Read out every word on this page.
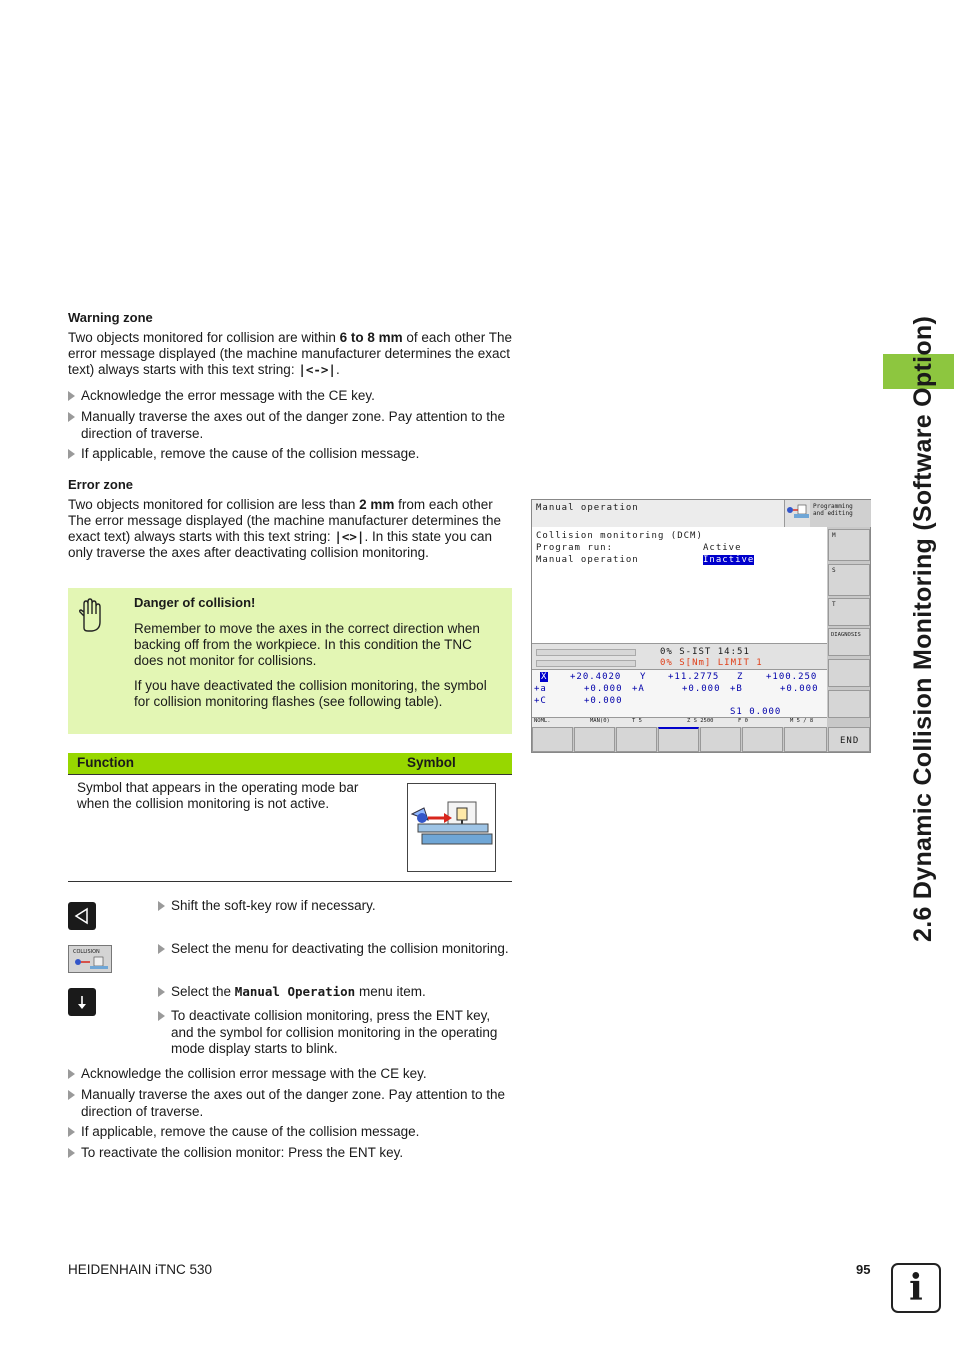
2.6 Dynamic Collision Monitoring (Software Option)
Warning zone
Two objects monitored for collision are within 6 to 8 mm of each other The error message displayed (the machine manufacturer determines the exact text) always starts with this text string: |<->|.
Acknowledge the error message with the CE key.
Manually traverse the axes out of the danger zone. Pay attention to the direction of traverse.
If applicable, remove the cause of the collision message.
Error zone
Two objects monitored for collision are less than 2 mm from each other The error message displayed (the machine manufacturer determines the exact text) always starts with this text string: |<>|. In this state you can only traverse the axes after deactivating collision monitoring.
Danger of collision!
Remember to move the axes in the correct direction when backing off from the workpiece. In this condition the TNC does not monitor for collisions.
If you have deactivated the collision monitoring, the symbol for collision monitoring flashes (see following table).
Function	Symbol
Symbol that appears in the operating mode bar when the collision monitoring is not active.
Shift the soft-key row if necessary.
COLLISION	Select the menu for deactivating the collision monitoring.
Select the Manual Operation menu item.
To deactivate collision monitoring, press the ENT key, and the symbol for collision monitoring in the operating mode display starts to blink.
Acknowledge the collision error message with the CE key.
Manually traverse the axes out of the danger zone. Pay attention to the direction of traverse.
If applicable, remove the cause of the collision message.
To reactivate the collision monitor: Press the ENT key.
Manual operation	Programming
and editing
Collision monitoring (DCM)
Program run:	Active
Manual operation	Inactive
0% S-IST 14:51
0% S[Nm] LIMIT 1
X	+20.4020 Y +11.2775 Z	+100.250
+a	+0.000 +A	+0.000 +B	+0.000
+C	+0.000
S1 0.000
NOML.	MAN(0)	T 5	Z S 2500	F 0	M 5 / 8
M
S
T
DIAGNOSIS
END
HEIDENHAIN iTNC 530	95	i
